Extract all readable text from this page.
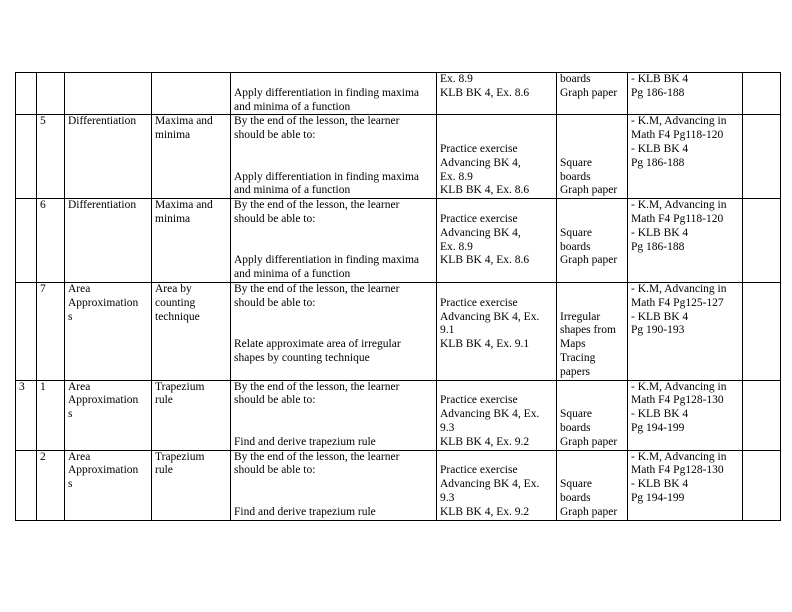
				Apply differentiation in finding maxima
and minima of a function	Ex. 8.9
KLB BK 4, Ex. 8.6	boards
Graph paper	- KLB BK 4
Pg 186-188	

	5	Differentiation	Maxima and
minima	By the end of the lesson, the learner
should be able to:
Apply differentiation in finding maxima
and minima of a function	Practice exercise
Advancing BK 4,
Ex. 8.9
KLB BK 4, Ex. 8.6	Square
boards
Graph paper	- K.M, Advancing in
Math F4 Pg118-120
- KLB BK 4
Pg 186-188	

	6	Differentiation	Maxima and
minima	By the end of the lesson, the learner
should be able to:
Apply differentiation in finding maxima
and minima of a function	Practice exercise
Advancing BK 4,
Ex. 8.9
KLB BK 4, Ex. 8.6	Square
boards
Graph paper	- K.M, Advancing in
Math F4 Pg118-120
- KLB BK 4
Pg 186-188	

	7	Area
Approximation
s	Area by
counting
technique	By the end of the lesson, the learner
should be able to:
Relate approximate area of irregular
shapes by counting technique	Practice exercise
Advancing BK 4, Ex.
9.1
KLB BK 4, Ex. 9.1	Irregular
shapes from
Maps
Tracing
papers	- K.M, Advancing in
Math F4 Pg125-127
- KLB BK 4
Pg 190-193	

3	1	Area
Approximation
s	Trapezium
rule	By the end of the lesson, the learner
should be able to:
Find and derive trapezium rule	Practice exercise
Advancing BK 4, Ex.
9.3
KLB BK 4, Ex. 9.2	Square
boards
Graph paper	- K.M, Advancing in
Math F4 Pg128-130
- KLB BK 4
Pg 194-199	

	2	Area
Approximation
s	Trapezium
rule	By the end of the lesson, the learner
should be able to:
Find and derive trapezium rule	Practice exercise
Advancing BK 4, Ex.
9.3
KLB BK 4, Ex. 9.2	Square
boards
Graph paper	- K.M, Advancing in
Math F4 Pg128-130
- KLB BK 4
Pg 194-199	
